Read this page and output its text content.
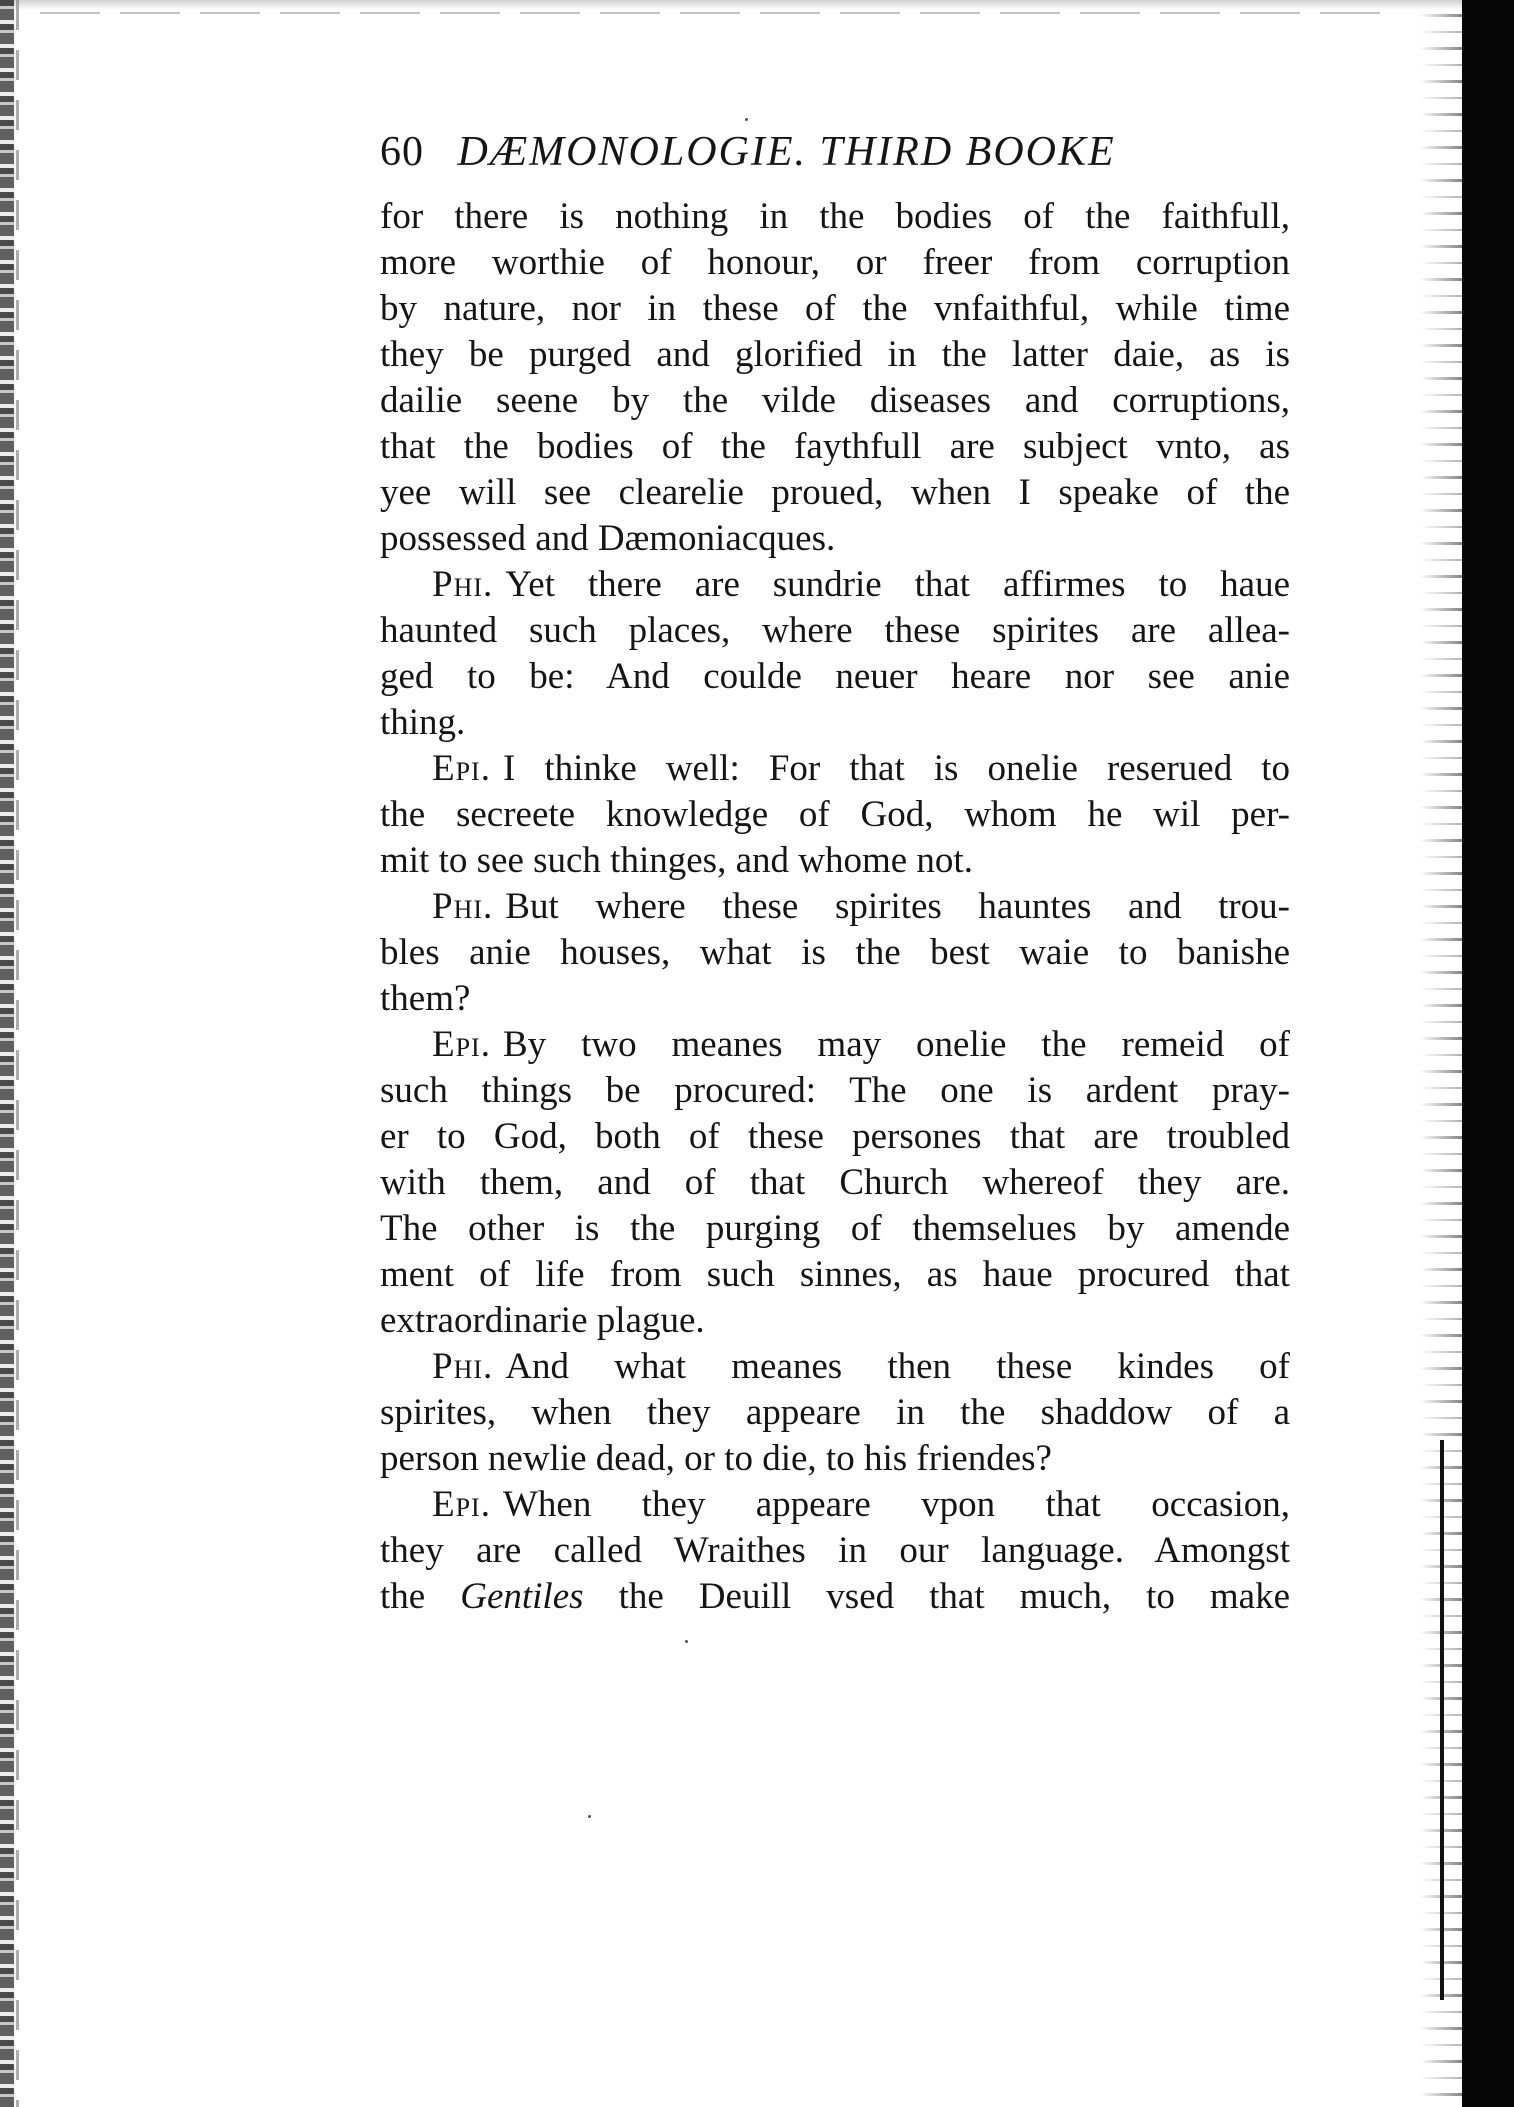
60 DÆMONOLOGIE. THIRD BOOKE
for there is nothing in the bodies of the faithfull,
more worthie of honour, or freer from corruption
by nature, nor in these of the vnfaithful, while time
they be purged and glorified in the latter daie, as is
dailie seene by the vilde diseases and corruptions,
that the bodies of the faythfull are subject vnto, as
yee will see clearelie proued, when I speake of the
possessed and Dæmoniacques.
Phi. Yet there are sundrie that affirmes to haue
haunted such places, where these spirites are allea-
ged to be: And coulde neuer heare nor see anie
thing.
Epi. I thinke well: For that is onelie reserued to
the secreete knowledge of God, whom he wil per-
mit to see such thinges, and whome not.
Phi. But where these spirites hauntes and trou-
bles anie houses, what is the best waie to banishe
them?
Epi. By two meanes may onelie the remeid of
such things be procured: The one is ardent pray-
er to God, both of these persones that are troubled
with them, and of that Church whereof they are.
The other is the purging of themselues by amende
ment of life from such sinnes, as haue procured that
extraordinarie plague.
Phi. And what meanes then these kindes of
spirites, when they appeare in the shaddow of a
person newlie dead, or to die, to his friendes?
Epi. When they appeare vpon that occasion,
they are called Wraithes in our language. Amongst
the Gentiles the Deuill vsed that much, to make
